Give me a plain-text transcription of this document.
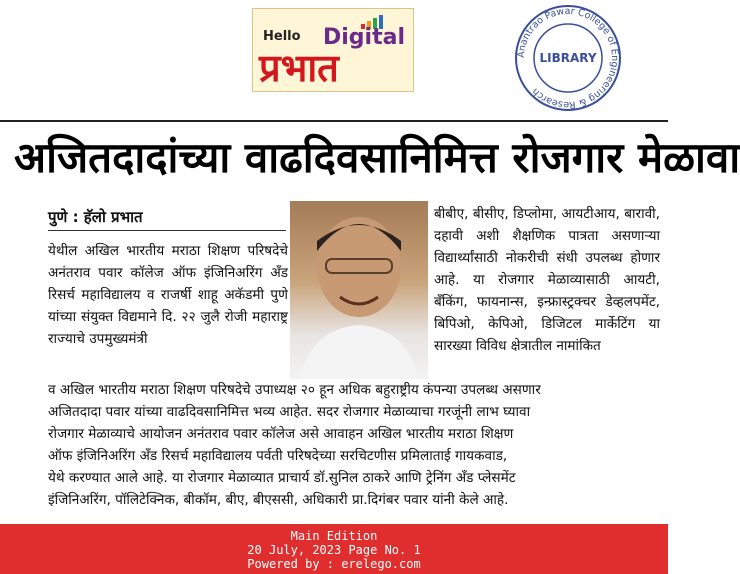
Hello Digital
प्रभात	Anantrao Pawar College of Engineering & Research
LIBRARY
अजितदादांच्या वाढदिवसानिमित्त रोजगार मेळावा
पुणे : हॅलो प्रभात
येथील अखिल भारतीय मराठा शिक्षण परिषदेचे अनंतराव पवार कॉलेज ऑफ इंजिनिअरिंग अँड रिसर्च महाविद्यालय व राजर्षी शाहू अकॅडमी पुणे यांच्या संयुक्त विद्यमाने दि. २२ जुलै रोजी महाराष्ट्र राज्याचे उपमुख्यमंत्री
बीबीए, बीसीए, डिप्लोमा, आयटीआय, बारावी, दहावी अशी शैक्षणिक पात्रता असणाऱ्या विद्यार्थ्यांसाठी नोकरीची संधी उपलब्ध होणार आहे. या रोजगार मेळाव्यासाठी आयटी, बँकिंग, फायनान्स, इन्फ्रास्ट्रक्चर डेव्हलपमेंट, बिपिओ, केपिओ, डिजिटल मार्केटिंग या सारख्या विविध क्षेत्रातील नामांकित
व अखिल भारतीय मराठा शिक्षण परिषदेचे उपाध्यक्ष २० हून अधिक बहुराष्ट्रीय कंपन्या उपलब्ध असणार
अजितदादा पवार यांच्या वाढदिवसानिमित्त भव्य आहेत. सदर रोजगार मेळाव्याचा गरजूंनी लाभ घ्यावा
रोजगार मेळाव्याचे आयोजन अनंतराव पवार कॉलेज असे आवाहन अखिल भारतीय मराठा शिक्षण
ऑफ इंजिनिअरिंग अँड रिसर्च महाविद्यालय पर्वती परिषदेच्या सरचिटणीस प्रमिलाताई गायकवाड,
येथे करण्यात आले आहे. या रोजगार मेळाव्यात प्राचार्य डॉ.सुनिल ठाकरे आणि ट्रेनिंग अँड प्लेसमेंट
इंजिनिअरिंग, पॉलिटेक्निक, बीकॉम, बीए, बीएससी, अधिकारी प्रा.दिगंबर पवार यांनी केले आहे.
Main Edition
20 July, 2023 Page No. 1
Powered by : erelego.com
